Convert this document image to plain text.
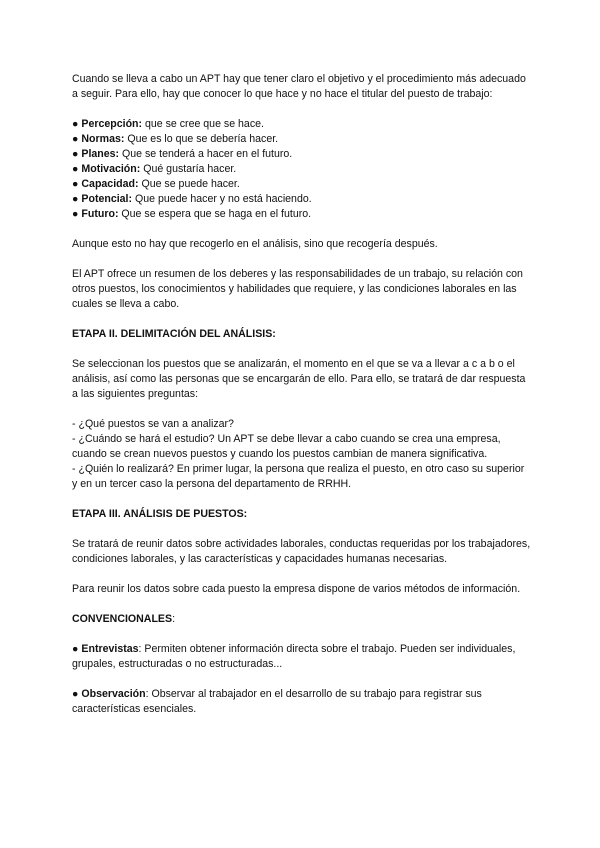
Cuando se lleva a cabo un APT hay que tener claro el objetivo y el procedimiento más adecuado a seguir. Para ello, hay que conocer lo que hace y no hace el titular del puesto de trabajo:

● Percepción: que se cree que se hace.
● Normas: Que es lo que se debería hacer.
● Planes: Que se tenderá a hacer en el futuro.
● Motivación: Qué gustaría hacer.
● Capacidad: Que se puede hacer.
● Potencial: Que puede hacer y no está haciendo.
● Futuro: Que se espera que se haga en el futuro.

Aunque esto no hay que recogerlo en el análisis, sino que recogería después.

El APT ofrece un resumen de los deberes y las responsabilidades de un trabajo, su relación con otros puestos, los conocimientos y habilidades que requiere, y las condiciones laborales en las cuales se lleva a cabo.

ETAPA II. DELIMITACIÓN DEL ANÁLISIS:

Se seleccionan los puestos que se analizarán, el momento en el que se va a llevar a c a b o el análisis, así como las personas que se encargarán de ello. Para ello, se tratará de dar respuesta a las siguientes preguntas:

- ¿Qué puestos se van a analizar?

- ¿Cuándo se hará el estudio? Un APT se debe llevar a cabo cuando se crea una empresa, cuando se crean nuevos puestos y cuando los puestos cambian de manera significativa.

- ¿Quién lo realizará? En primer lugar, la persona que realiza el puesto, en otro caso su superior y en un tercer caso la persona del departamento de RRHH.

ETAPA III. ANÁLISIS DE PUESTOS:

Se tratará de reunir datos sobre actividades laborales, conductas requeridas por los trabajadores, condiciones laborales, y las características y capacidades humanas necesarias.

Para reunir los datos sobre cada puesto la empresa dispone de varios métodos de información.

CONVENCIONALES:

● Entrevistas: Permiten obtener información directa sobre el trabajo. Pueden ser individuales, grupales, estructuradas o no estructuradas...

● Observación: Observar al trabajador en el desarrollo de su trabajo para registrar sus características esenciales.
